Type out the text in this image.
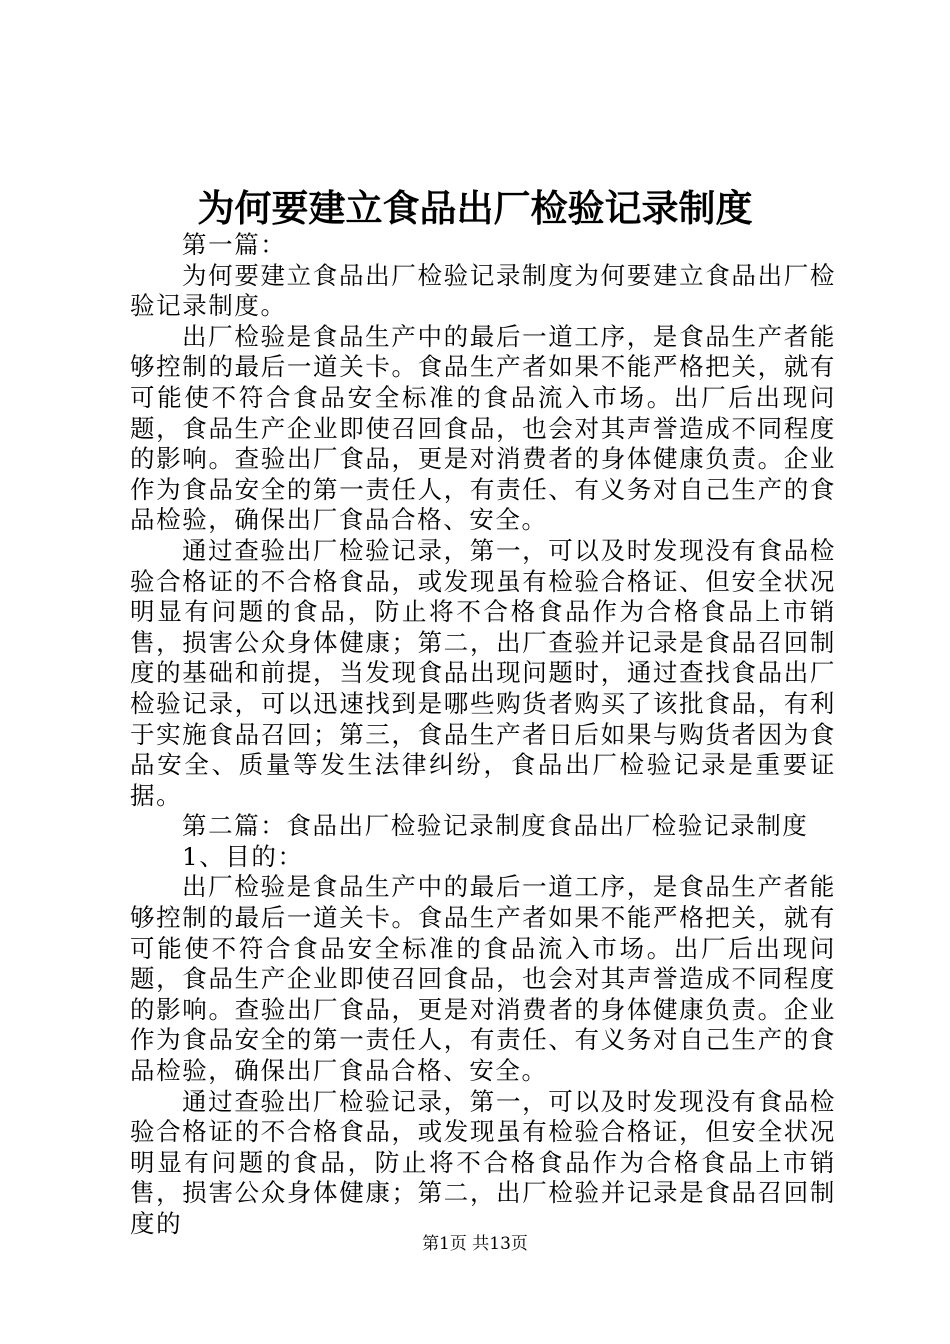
为何要建立食品出厂检验记录制度

第一篇：

为何要建立食品出厂检验记录制度为何要建立食品出厂检验记录制度。

出厂检验是食品生产中的最后一道工序，是食品生产者能够控制的最后一道关卡。食品生产者如果不能严格把关，就有可能使不符合食品安全标准的食品流入市场。出厂后出现问题，食品生产企业即使召回食品，也会对其声誉造成不同程度的影响。查验出厂食品，更是对消费者的身体健康负责。企业作为食品安全的第一责任人，有责任、有义务对自己生产的食品检验，确保出厂食品合格、安全。

通过查验出厂检验记录，第一，可以及时发现没有食品检验合格证的不合格食品，或发现虽有检验合格证、但安全状况明显有问题的食品，防止将不合格食品作为合格食品上市销售，损害公众身体健康；第二，出厂查验并记录是食品召回制度的基础和前提，当发现食品出现问题时，通过查找食品出厂检验记录，可以迅速找到是哪些购货者购买了该批食品，有利于实施食品召回；第三，食品生产者日后如果与购货者因为食品安全、质量等发生法律纠纷，食品出厂检验记录是重要证据。

第二篇：食品出厂检验记录制度食品出厂检验记录制度

1、目的：

出厂检验是食品生产中的最后一道工序，是食品生产者能够控制的最后一道关卡。食品生产者如果不能严格把关，就有可能使不符合食品安全标准的食品流入市场。出厂后出现问题，食品生产企业即使召回食品，也会对其声誉造成不同程度的影响。查验出厂食品，更是对消费者的身体健康负责。企业作为食品安全的第一责任人，有责任、有义务对自己生产的食品检验，确保出厂食品合格、安全。

通过查验出厂检验记录，第一，可以及时发现没有食品检验合格证的不合格食品，或发现虽有检验合格证，但安全状况明显有问题的食品，防止将不合格食品作为合格食品上市销售，损害公众身体健康；第二，出厂检验并记录是食品召回制度的

第1页 共13页
